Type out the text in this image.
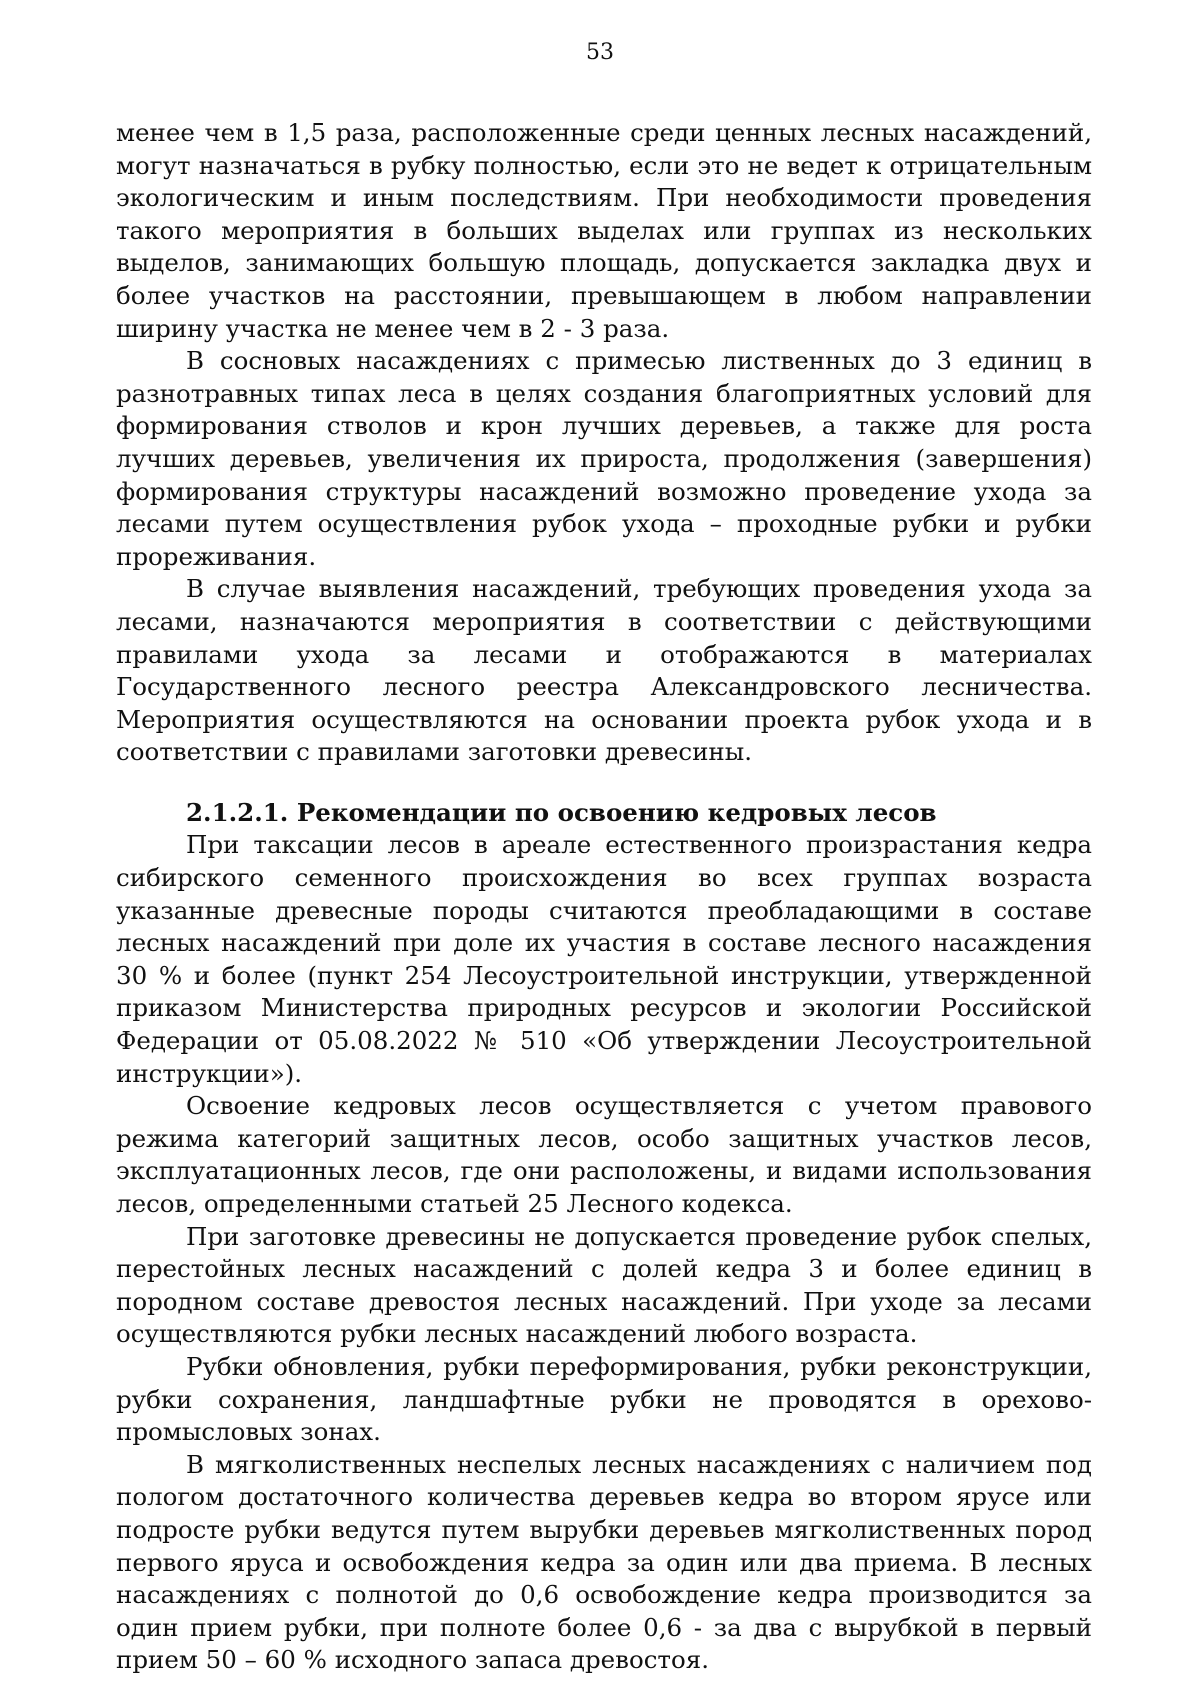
53

менее чем в 1,5 раза, расположенные среди ценных лесных насаждений, могут назначаться в рубку полностью, если это не ведет к отрицательным экологическим и иным последствиям. При необходимости проведения такого мероприятия в больших выделах или группах из нескольких выделов, занимающих большую площадь, допускается закладка двух и более участков на расстоянии, превышающем в любом направлении ширину участка не менее чем в 2 - 3 раза.

В сосновых насаждениях с примесью лиственных до 3 единиц в разнотравных типах леса в целях создания благоприятных условий для формирования стволов и крон лучших деревьев, а также для роста лучших деревьев, увеличения их прироста, продолжения (завершения) формирования структуры насаждений возможно проведение ухода за лесами путем осуществления рубок ухода – проходные рубки и рубки прореживания.

В случае выявления насаждений, требующих проведения ухода за лесами, назначаются мероприятия в соответствии с действующими правилами ухода за лесами и отображаются в материалах Государственного лесного реестра Александровского лесничества. Мероприятия осуществляются на основании проекта рубок ухода и в соответствии с правилами заготовки древесины.

2.1.2.1. Рекомендации по освоению кедровых лесов

При таксации лесов в ареале естественного произрастания кедра сибирского семенного происхождения во всех группах возраста указанные древесные породы считаются преобладающими в составе лесных насаждений при доле их участия в составе лесного насаждения 30 % и более (пункт 254 Лесоустроительной инструкции, утвержденной приказом Министерства природных ресурсов и экологии Российской Федерации от 05.08.2022 № 510 «Об утверждении Лесоустроительной инструкции»).

Освоение кедровых лесов осуществляется с учетом правового режима категорий защитных лесов, особо защитных участков лесов, эксплуатационных лесов, где они расположены, и видами использования лесов, определенными статьей 25 Лесного кодекса.

При заготовке древесины не допускается проведение рубок спелых, перестойных лесных насаждений с долей кедра 3 и более единиц в породном составе древостоя лесных насаждений. При уходе за лесами осуществляются рубки лесных насаждений любого возраста.

Рубки обновления, рубки переформирования, рубки реконструкции, рубки сохранения, ландшафтные рубки не проводятся в орехово-промысловых зонах.

В мягколиственных неспелых лесных насаждениях с наличием под пологом достаточного количества деревьев кедра во втором ярусе или подросте рубки ведутся путем вырубки деревьев мягколиственных пород первого яруса и освобождения кедра за один или два приема. В лесных насаждениях с полнотой до 0,6 освобождение кедра производится за один прием рубки, при полноте более 0,6 - за два с вырубкой в первый прием 50 – 60 % исходного запаса древостоя.
